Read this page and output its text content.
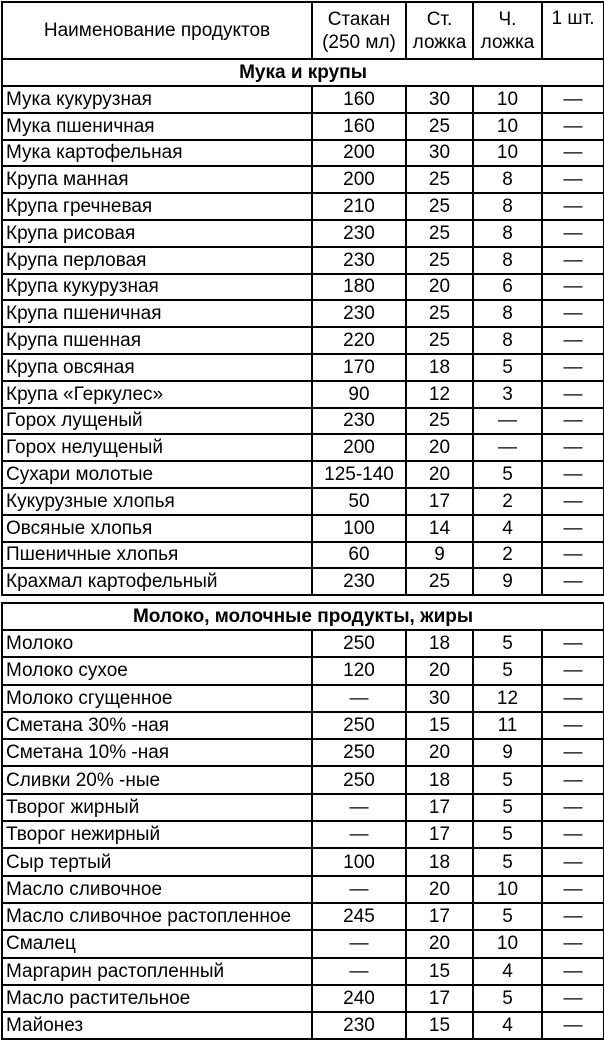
Наименование продуктов	Стакан (250 мл)	Ст. ложка	Ч. ложка	1 шт.
Мука и крупы				
Мука кукурузная	160	30	10	—
Мука пшеничная	160	25	10	—
Мука картофельная	200	30	10	—
Крупа манная	200	25	8	—
Крупа гречневая	210	25	8	—
Крупа рисовая	230	25	8	—
Крупа перловая	230	25	8	—
Крупа кукурузная	180	20	6	—
Крупа пшеничная	230	25	8	—
Крупа пшенная	220	25	8	—
Крупа овсяная	170	18	5	—
Крупа «Геркулес»	90	12	3	—
Горох лущеный	230	25	—	—
Горох нелущеный	200	20	—	—
Сухари молотые	125-140	20	5	—
Кукурузные хлопья	50	17	2	—
Овсяные хлопья	100	14	4	—
Пшеничные хлопья	60	9	2	—
Крахмал картофельный	230	25	9	—
Молоко, молочные продукты, жиры				
Молоко	250	18	5	—
Молоко сухое	120	20	5	—
Молоко сгущенное	—	30	12	—
Сметана 30% -ная	250	15	11	—
Сметана 10% -ная	250	20	9	—
Сливки 20% -ные	250	18	5	—
Творог жирный	—	17	5	—
Творог нежирный	—	17	5	—
Сыр тертый	100	18	5	—
Масло сливочное	—	20	10	—
Масло сливочное растопленное	245	17	5	—
Смалец	—	20	10	—
Маргарин растопленный	—	15	4	—
Масло растительное	240	17	5	—
Майонез	230	15	4	—
